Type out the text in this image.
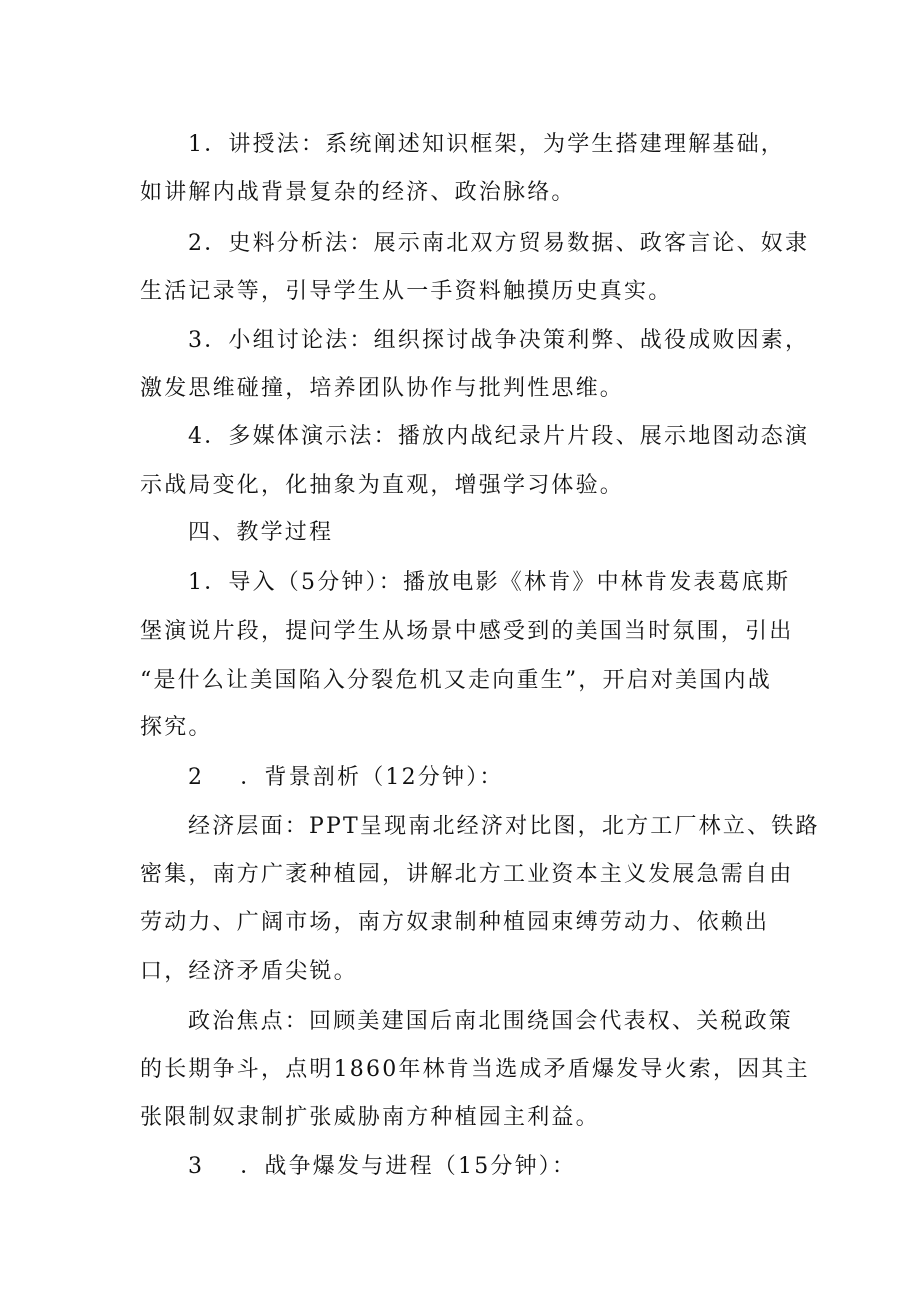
1．讲授法：系统阐述知识框架，为学生搭建理解基础，
如讲解内战背景复杂的经济、政治脉络。
2．史料分析法：展示南北双方贸易数据、政客言论、奴隶
生活记录等，引导学生从一手资料触摸历史真实。
3．小组讨论法：组织探讨战争决策利弊、战役成败因素，
激发思维碰撞，培养团队协作与批判性思维。
4．多媒体演示法：播放内战纪录片片段、展示地图动态演
示战局变化，化抽象为直观，增强学习体验。
四、教学过程
1．导入（5分钟）：播放电影《林肯》中林肯发表葛底斯
堡演说片段，提问学生从场景中感受到的美国当时氛围，引出
“是什么让美国陷入分裂危机又走向重生”，开启对美国内战
探究。
2 ．背景剖析（12分钟）：
经济层面：PPT呈现南北经济对比图，北方工厂林立、铁路
密集，南方广袤种植园，讲解北方工业资本主义发展急需自由
劳动力、广阔市场，南方奴隶制种植园束缚劳动力、依赖出
口，经济矛盾尖锐。
政治焦点：回顾美建国后南北围绕国会代表权、关税政策
的长期争斗，点明1860年林肯当选成矛盾爆发导火索，因其主
张限制奴隶制扩张威胁南方种植园主利益。
3 ．战争爆发与进程（15分钟）：
